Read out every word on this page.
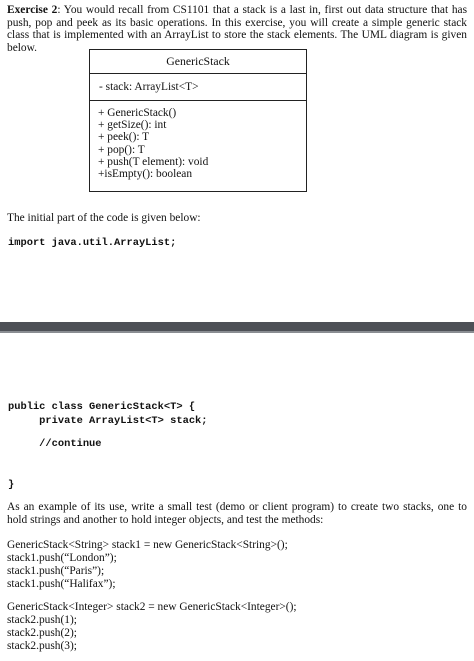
Exercise 2: You would recall from CS1101 that a stack is a last in, first out data structure that has push, pop and peek as its basic operations. In this exercise, you will create a simple generic stack class that is implemented with an ArrayList to store the stack elements. The UML diagram is given below.
GenericStack
- stack: ArrayList<T>
+ GenericStack()
+ getSize(): int
+ peek(): T
+ pop(): T
+ push(T element): void
+isEmpty(): boolean
The initial part of the code is given below:
import java.util.ArrayList;
public class GenericStack<T> {
private ArrayList<T> stack;
//continue
}
As an example of its use, write a small test (demo or client program) to create two stacks, one to hold strings and another to hold integer objects, and test the methods:
GenericStack<String> stack1 = new GenericStack<String>();
stack1.push(“London”);
stack1.push(“Paris”);
stack1.push(“Halifax”);
GenericStack<Integer> stack2 = new GenericStack<Integer>();
stack2.push(1);
stack2.push(2);
stack2.push(3);
